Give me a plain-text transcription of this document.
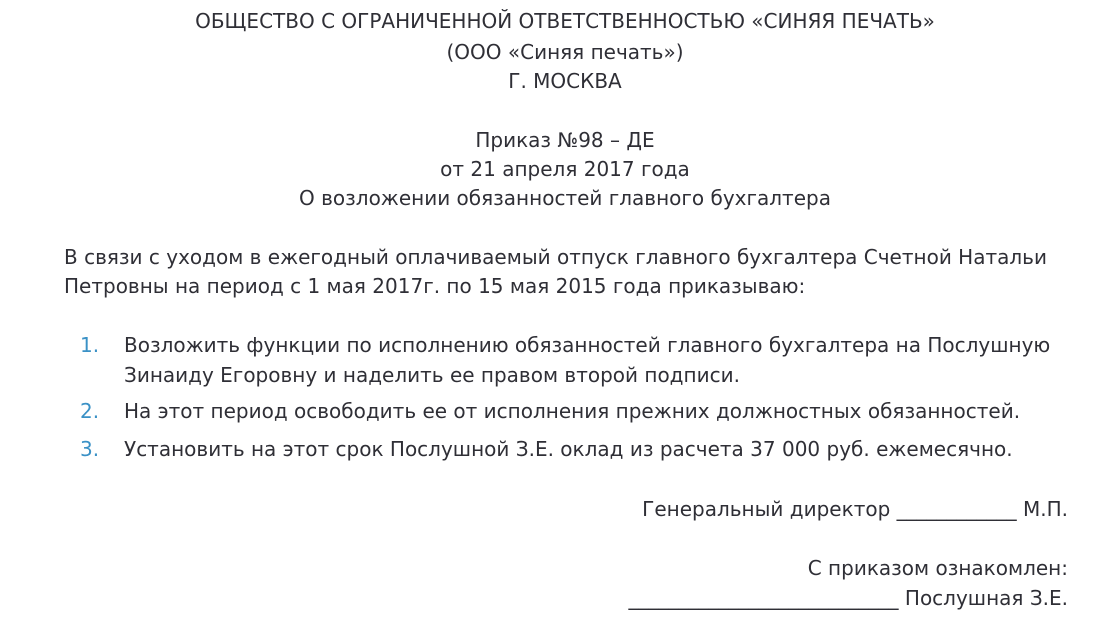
ОБЩЕСТВО С ОГРАНИЧЕННОЙ ОТВЕТСТВЕННОСТЬЮ «СИНЯЯ ПЕЧАТЬ»
(ООО «Синяя печать»)
Г. МОСКВА
Приказ №98 – ДЕ
от 21 апреля 2017 года
О возложении обязанностей главного бухгалтера
В связи с уходом в ежегодный оплачиваемый отпуск главного бухгалтера Счетной Натальи
Петровны на период с 1 мая 2017г. по 15 мая 2015 года приказываю:
1.	Возложить функции по исполнению обязанностей главного бухгалтера на Послушную
Зинаиду Егоровну и наделить ее правом второй подписи.
2.	На этот период освободить ее от исполнения прежних должностных обязанностей.
3.	Установить на этот срок Послушной З.Е. оклад из расчета 37 000 руб. ежемесячно.
Генеральный директор ____________ М.П.
С приказом ознакомлен:
___________________________ Послушная З.Е.
